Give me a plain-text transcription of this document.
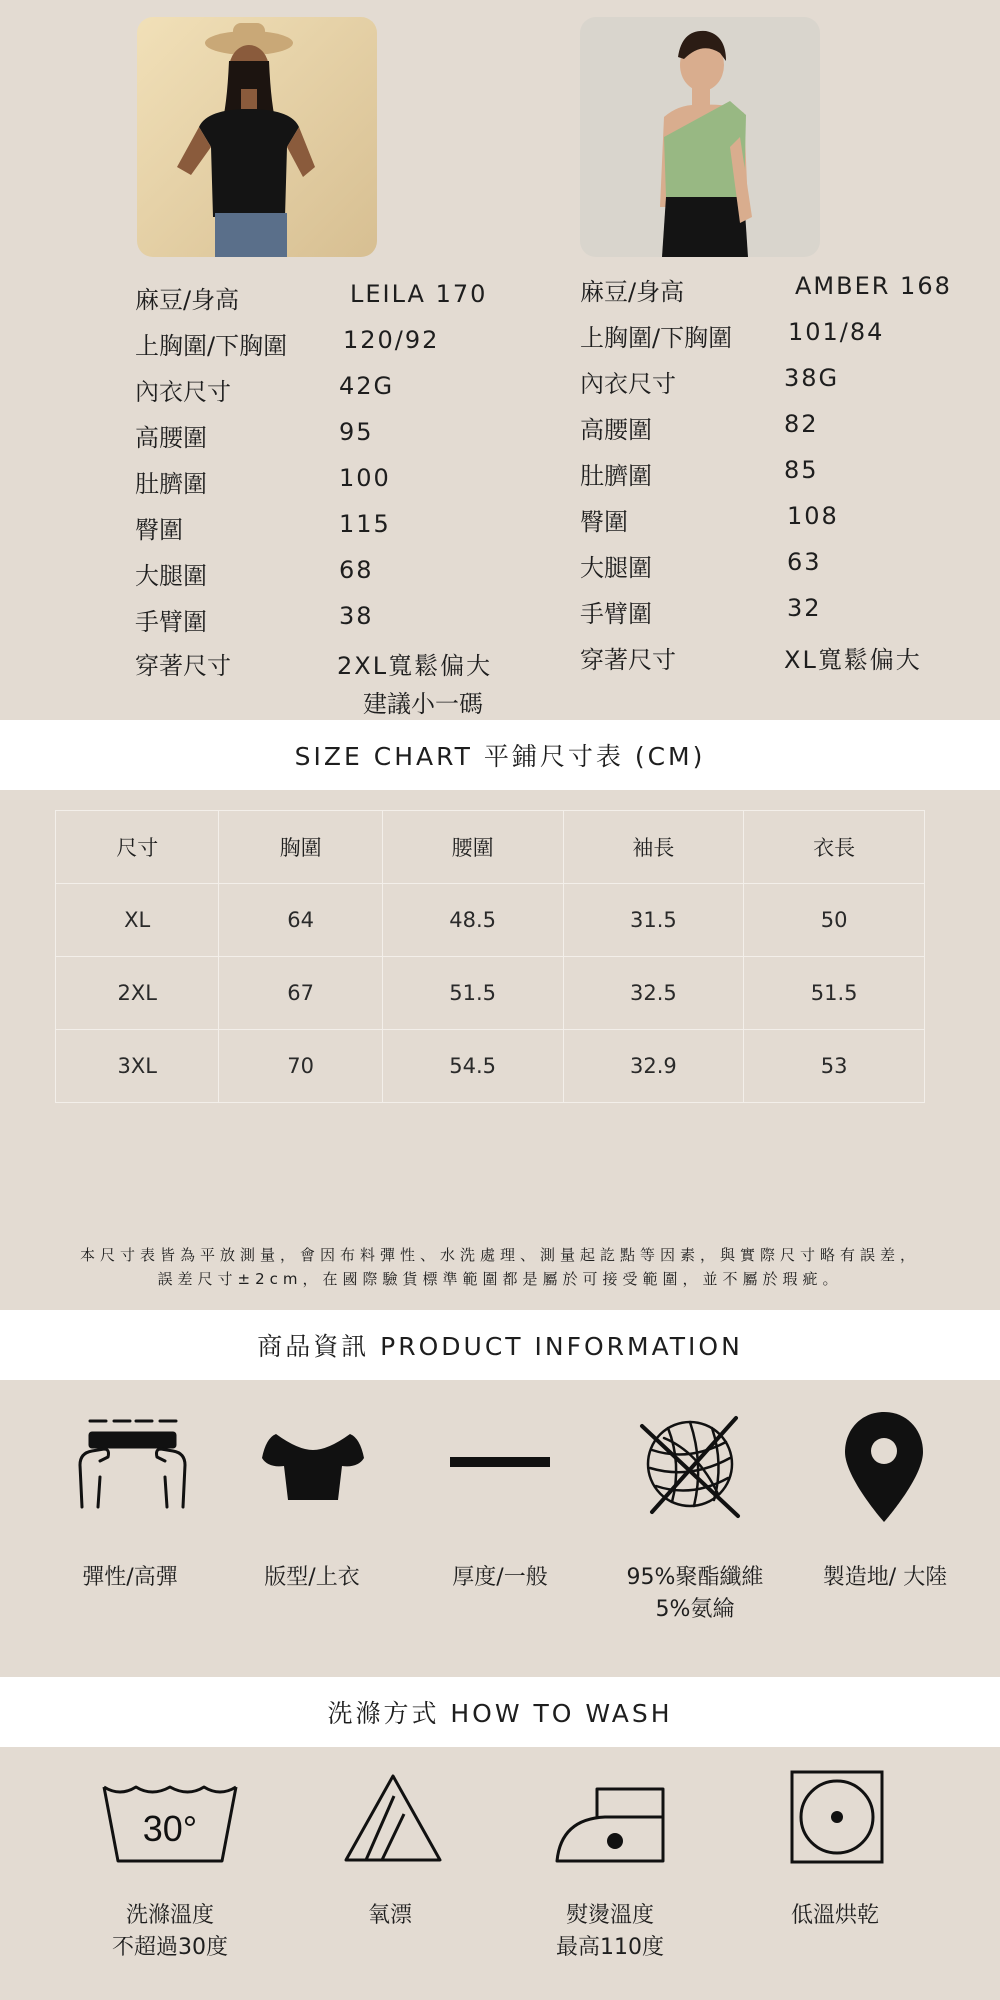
麻豆/身高	LEILA 170
上胸圍/下胸圍 120/92
內衣尺寸	42G
高腰圍	95
肚臍圍	100
臀圍	115
大腿圍	68
手臂圍	38
穿著尺寸	2XL寬鬆偏大
建議小一碼
麻豆/身高	AMBER 168
上胸圍/下胸圍 101/84
內衣尺寸	38G
高腰圍	82
肚臍圍	85
臀圍	108
大腿圍	63
手臂圍	32
穿著尺寸	XL寬鬆偏大
SIZE CHART 平鋪尺寸表 (CM)
尺寸	胸圍	腰圍	袖長	衣長
XL	64	48.5	31.5	50
2XL	67	51.5	32.5	51.5
3XL	70	54.5	32.9	53
本尺寸表皆為平放測量，會因布料彈性、水洗處理、測量起訖點等因素，與實際尺寸略有誤差，
誤差尺寸±2cm，在國際驗貨標準範圍都是屬於可接受範圍，並不屬於瑕疵。
商品資訊 PRODUCT INFORMATION
彈性/高彈	版型/上衣	厚度/一般	95%聚酯纖維
5%氨綸
製造地/ 大陸
洗滌方式 HOW TO WASH
30°
洗滌溫度
不超過30度
氧漂	熨燙溫度
最高110度
低溫烘乾
